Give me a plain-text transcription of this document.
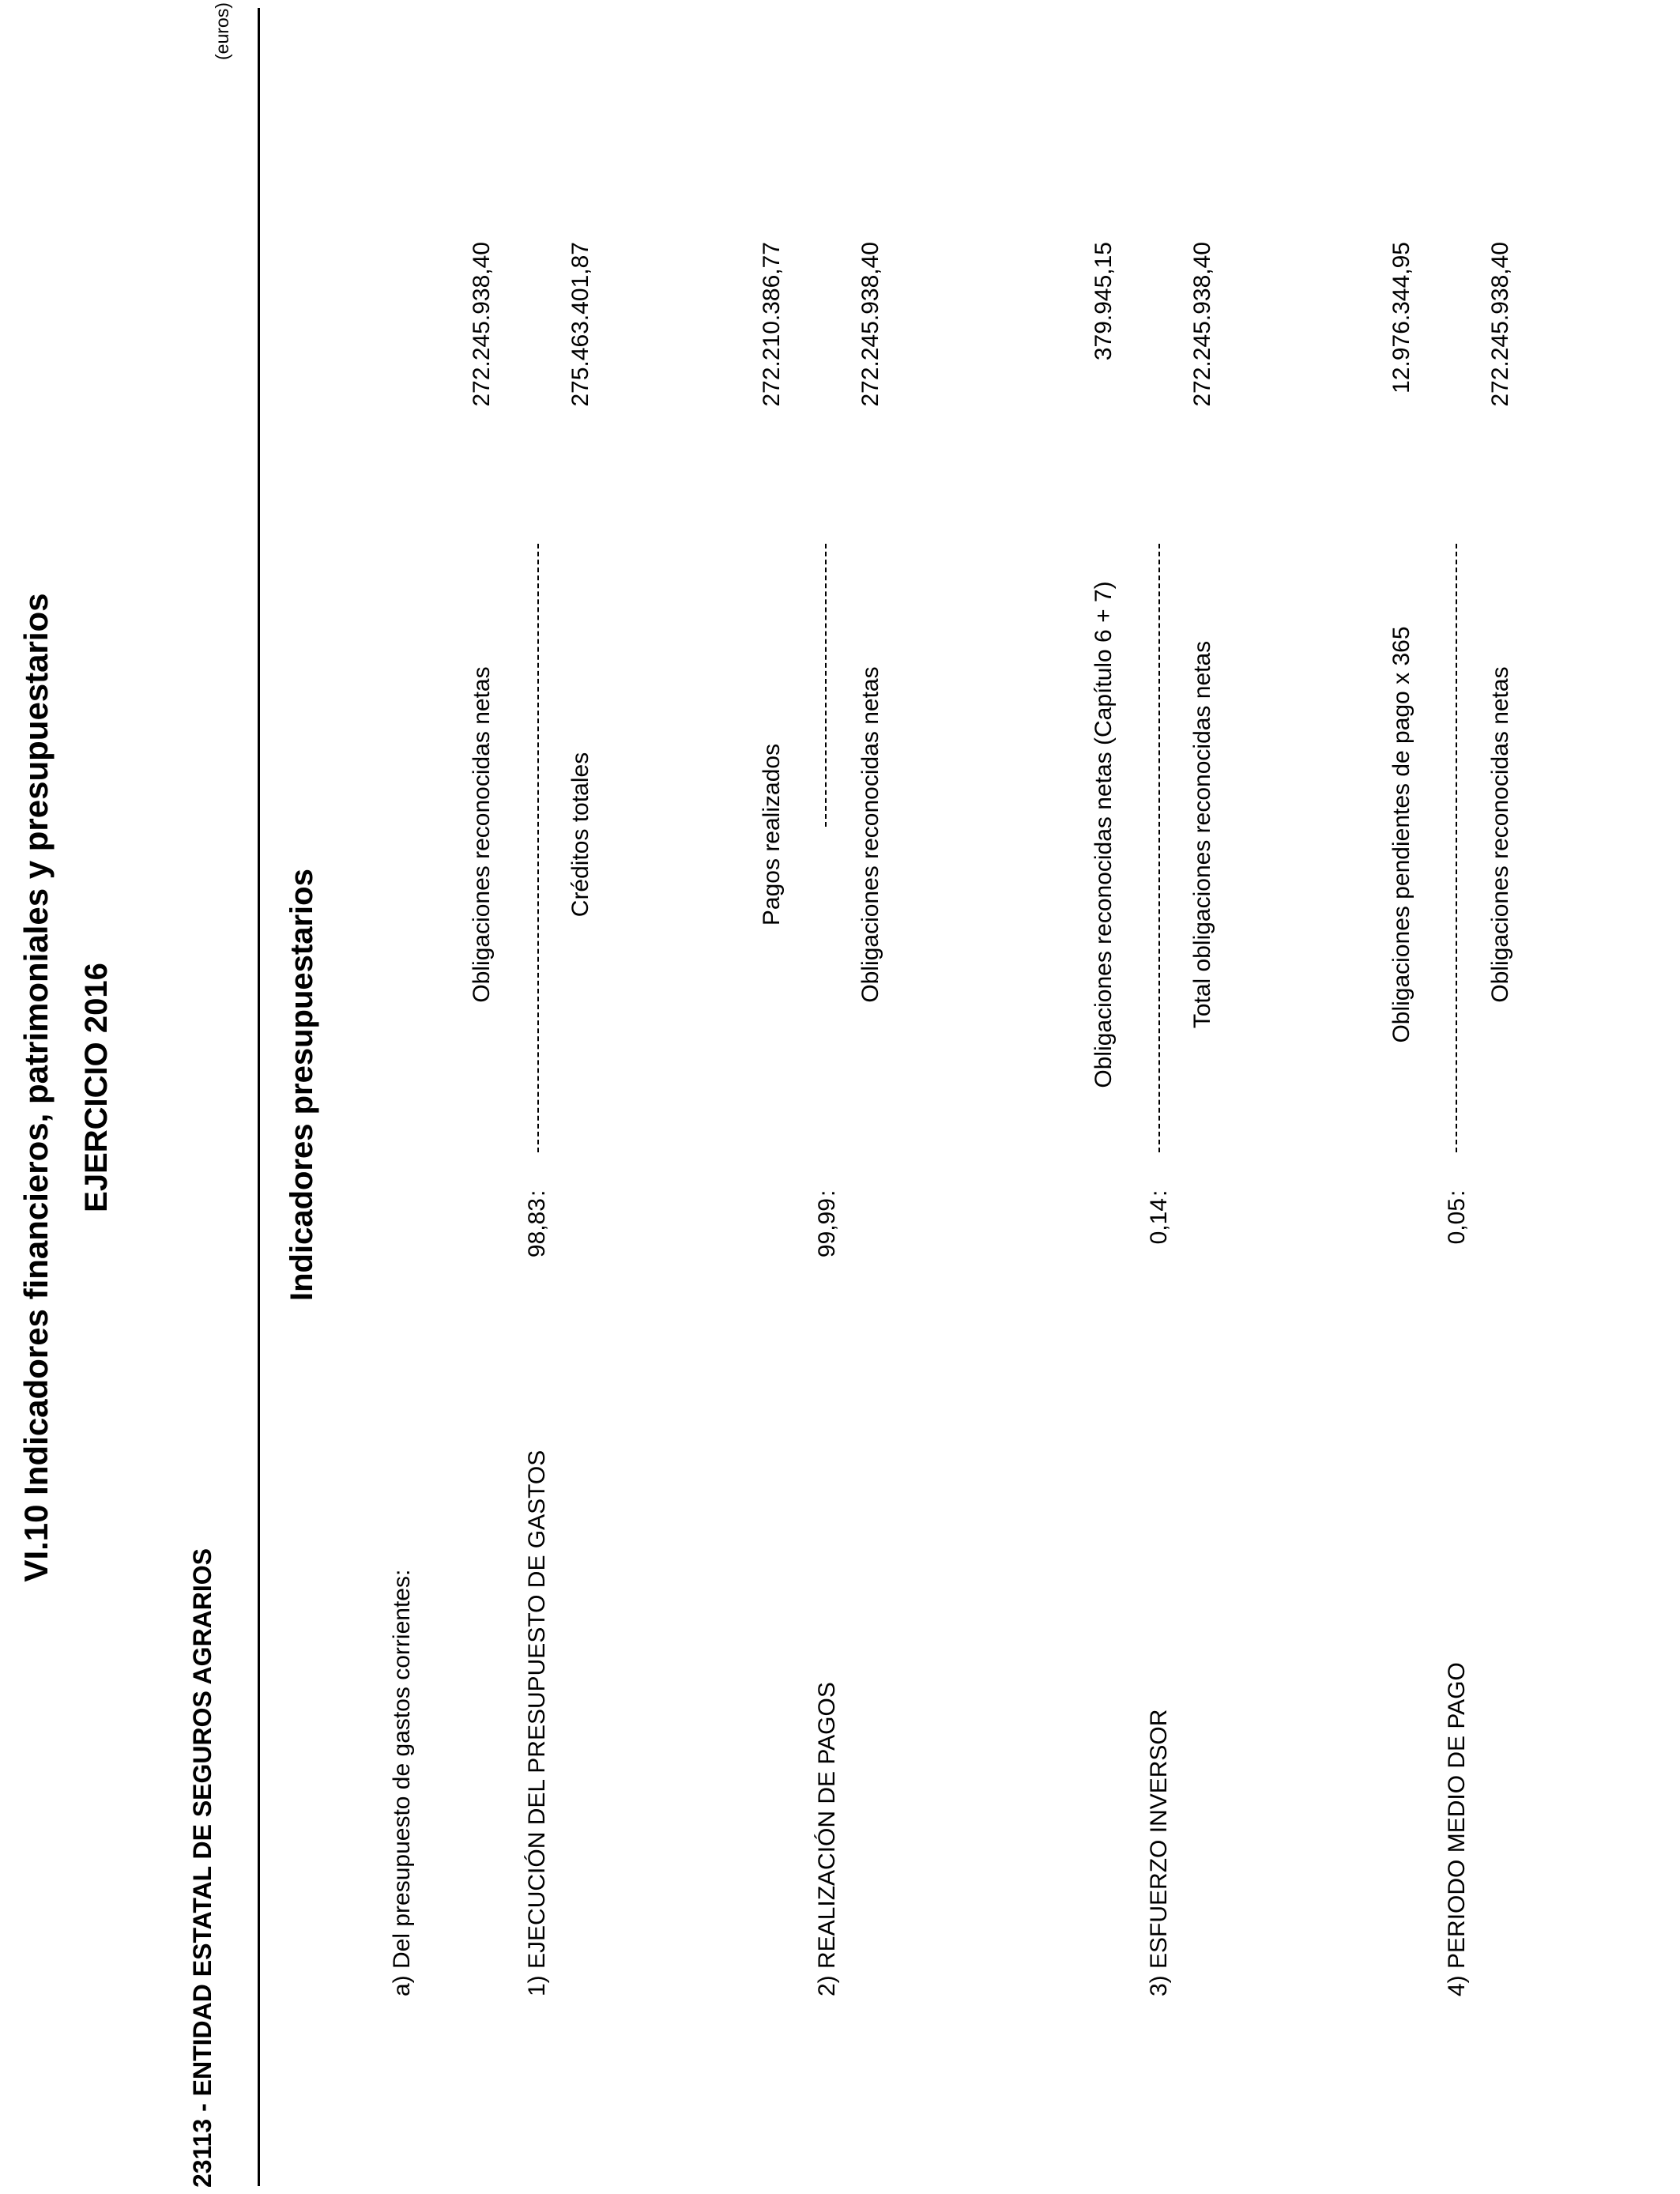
VI.10 Indicadores financieros, patrimoniales y presupuestarios EJERCICIO 2016
23113 - ENTIDAD ESTATAL DE SEGUROS AGRARIOS
(euros)
Indicadores presupuestarios
a) Del presupuesto de gastos corrientes:	1) EJECUCIÓN DEL PRESUPUESTO DE GASTOS
98,83
:
Obligaciones reconocidas netas	Créditos totales
272.245.938,40	275.463.401,87
2) REALIZACIÓN DE PAGOS
99,99
:
Pagos realizados	Obligaciones reconocidas netas
272.210.386,77	272.245.938,40
3) ESFUERZO INVERSOR
0,14
:
Obligaciones reconocidas netas (Capítulo 6 + 7)	Total obligaciones reconocidas netas
379.945,15	272.245.938,40
4) PERIODO MEDIO DE PAGO
0,05
:
Obligaciones pendientes de pago x 365	Obligaciones reconocidas netas
12.976.344,95	272.245.938,40
